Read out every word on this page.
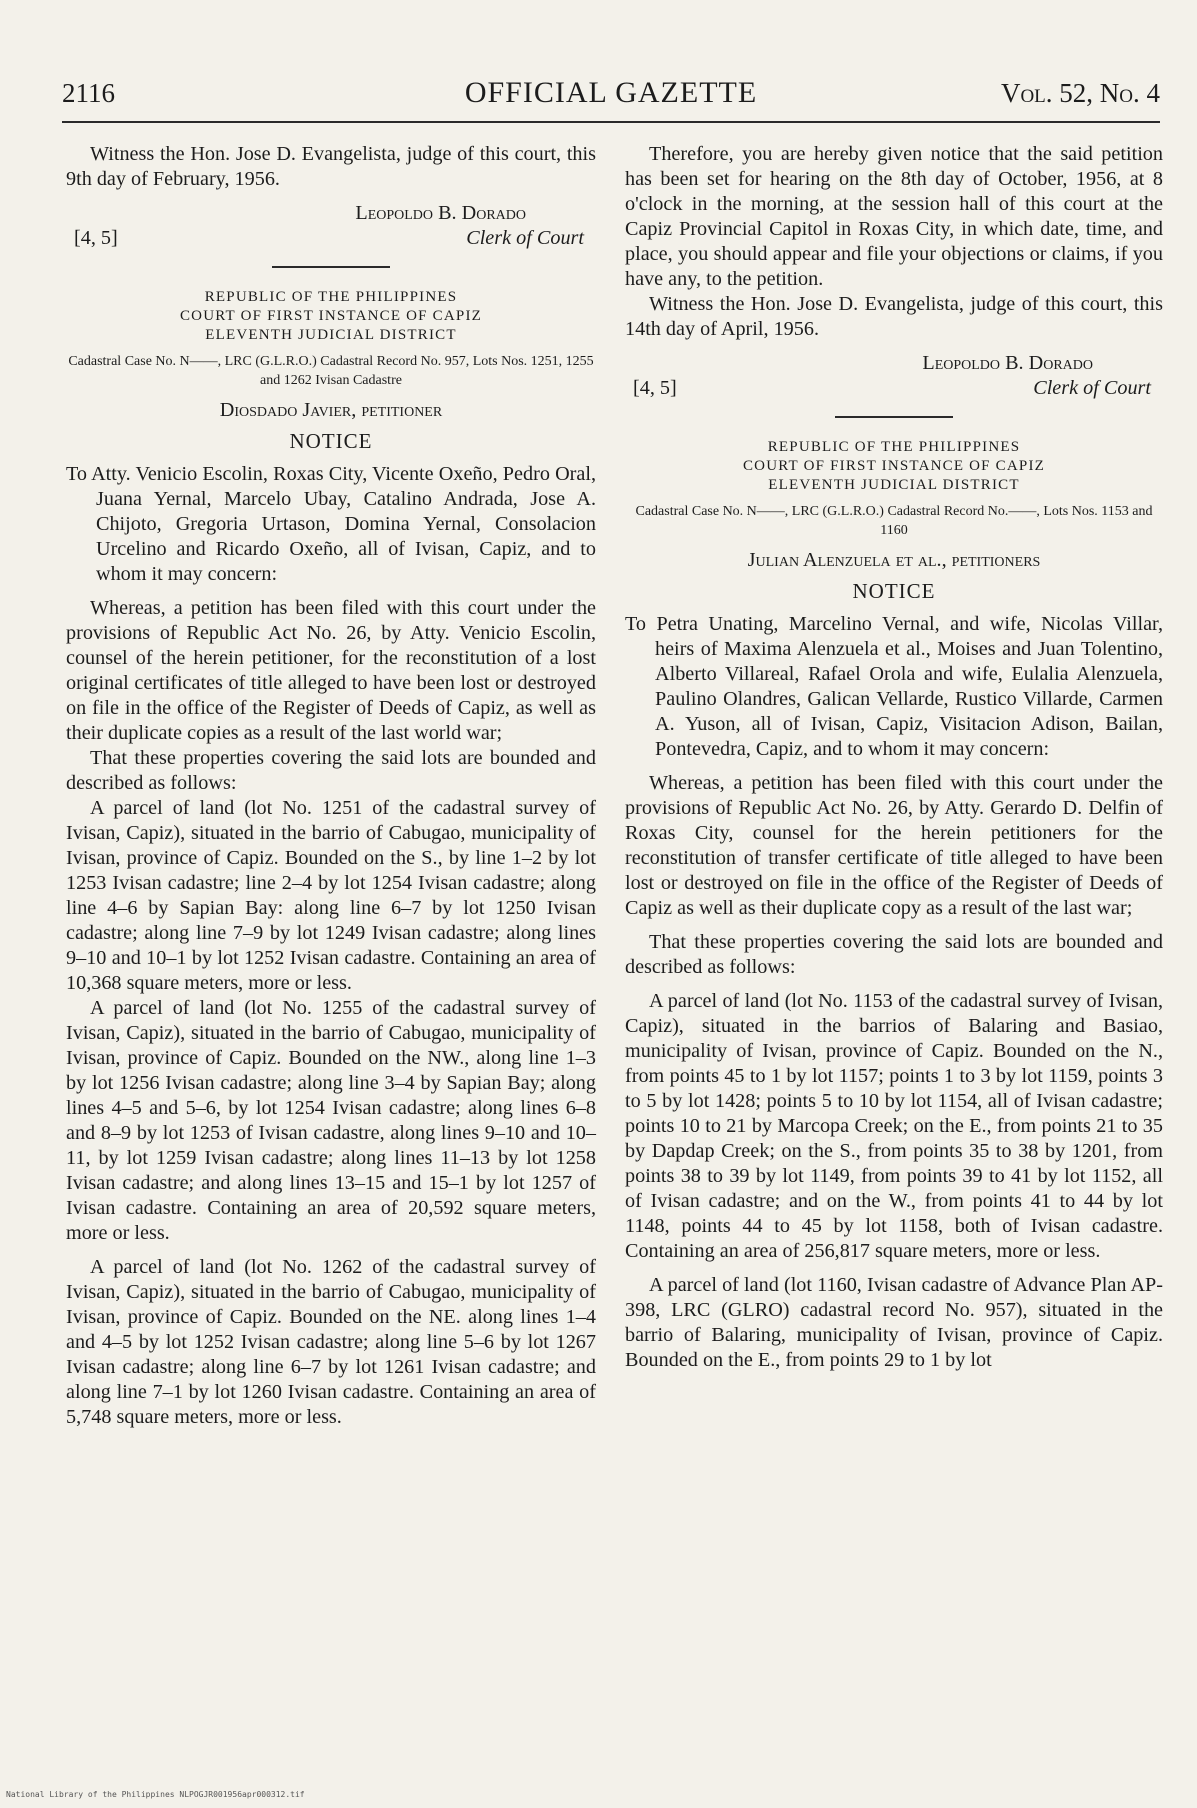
2116	OFFICIAL GAZETTE	Vol. 52, No. 4

Witness the Hon. Jose D. Evangelista, judge of this court, this 9th day of February, 1956.

Leopoldo B. Dorado
[4, 5]	Clerk of Court
REPUBLIC OF THE PHILIPPINES
COURT OF FIRST INSTANCE OF CAPIZ
ELEVENTH JUDICIAL DISTRICT
Cadastral Case No. N——, LRC (G.L.R.O.) Cadastral Record No. 957, Lots Nos. 1251, 1255 and 1262 Ivisan Cadastre
Diosdado Javier, petitioner
NOTICE

To Atty. Venicio Escolin, Roxas City, Vicente Oxeño, Pedro Oral, Juana Yernal, Marcelo Ubay, Catalino Andrada, Jose A. Chijoto, Gregoria Urtason, Domina Yernal, Consolacion Urcelino and Ricardo Oxeño, all of Ivisan, Capiz, and to whom it may concern:

Whereas, a petition has been filed with this court under the provisions of Republic Act No. 26, by Atty. Venicio Escolin, counsel of the herein petitioner, for the reconstitution of a lost original certificates of title alleged to have been lost or destroyed on file in the office of the Register of Deeds of Capiz, as well as their duplicate copies as a result of the last world war;

That these properties covering the said lots are bounded and described as follows:

A parcel of land (lot No. 1251 of the cadastral survey of Ivisan, Capiz), situated in the barrio of Cabugao, municipality of Ivisan, province of Capiz. Bounded on the S., by line 1–2 by lot 1253 Ivisan cadastre; line 2–4 by lot 1254 Ivisan cadastre; along line 4–6 by Sapian Bay: along line 6–7 by lot 1250 Ivisan cadastre; along line 7–9 by lot 1249 Ivisan cadastre; along lines 9–10 and 10–1 by lot 1252 Ivisan cadastre. Containing an area of 10,368 square meters, more or less.

A parcel of land (lot No. 1255 of the cadastral survey of Ivisan, Capiz), situated in the barrio of Cabugao, municipality of Ivisan, province of Capiz. Bounded on the NW., along line 1–3 by lot 1256 Ivisan cadastre; along line 3–4 by Sapian Bay; along lines 4–5 and 5–6, by lot 1254 Ivisan cadastre; along lines 6–8 and 8–9 by lot 1253 of Ivisan cadastre, along lines 9–10 and 10–11, by lot 1259 Ivisan cadastre; along lines 11–13 by lot 1258 Ivisan cadastre; and along lines 13–15 and 15–1 by lot 1257 of Ivisan cadastre. Containing an area of 20,592 square meters, more or less.

A parcel of land (lot No. 1262 of the cadastral survey of Ivisan, Capiz), situated in the barrio of Cabugao, municipality of Ivisan, province of Capiz. Bounded on the NE. along lines 1–4 and 4–5 by lot 1252 Ivisan cadastre; along line 5–6 by lot 1267 Ivisan cadastre; along line 6–7 by lot 1261 Ivisan cadastre; and along line 7–1 by lot 1260 Ivisan cadastre. Containing an area of 5,748 square meters, more or less.

Therefore, you are hereby given notice that the said petition has been set for hearing on the 8th day of October, 1956, at 8 o'clock in the morning, at the session hall of this court at the Capiz Provincial Capitol in Roxas City, in which date, time, and place, you should appear and file your objections or claims, if you have any, to the petition.

Witness the Hon. Jose D. Evangelista, judge of this court, this 14th day of April, 1956.

Leopoldo B. Dorado
[4, 5]	Clerk of Court
REPUBLIC OF THE PHILIPPINES
COURT OF FIRST INSTANCE OF CAPIZ
ELEVENTH JUDICIAL DISTRICT
Cadastral Case No. N——, LRC (G.L.R.O.) Cadastral Record No.——, Lots Nos. 1153 and 1160
Julian Alenzuela et al., petitioners
NOTICE

To Petra Unating, Marcelino Vernal, and wife, Nicolas Villar, heirs of Maxima Alenzuela et al., Moises and Juan Tolentino, Alberto Villareal, Rafael Orola and wife, Eulalia Alenzuela, Paulino Olandres, Galican Vellarde, Rustico Villarde, Carmen A. Yuson, all of Ivisan, Capiz, Visitacion Adison, Bailan, Pontevedra, Capiz, and to whom it may concern:

Whereas, a petition has been filed with this court under the provisions of Republic Act No. 26, by Atty. Gerardo D. Delfin of Roxas City, counsel for the herein petitioners for the reconstitution of transfer certificate of title alleged to have been lost or destroyed on file in the office of the Register of Deeds of Capiz as well as their duplicate copy as a result of the last war;

That these properties covering the said lots are bounded and described as follows:

A parcel of land (lot No. 1153 of the cadastral survey of Ivisan, Capiz), situated in the barrios of Balaring and Basiao, municipality of Ivisan, province of Capiz. Bounded on the N., from points 45 to 1 by lot 1157; points 1 to 3 by lot 1159, points 3 to 5 by lot 1428; points 5 to 10 by lot 1154, all of Ivisan cadastre; points 10 to 21 by Marcopa Creek; on the E., from points 21 to 35 by Dapdap Creek; on the S., from points 35 to 38 by 1201, from points 38 to 39 by lot 1149, from points 39 to 41 by lot 1152, all of Ivisan cadastre; and on the W., from points 41 to 44 by lot 1148, points 44 to 45 by lot 1158, both of Ivisan cadastre. Containing an area of 256,817 square meters, more or less.

A parcel of land (lot 1160, Ivisan cadastre of Advance Plan AP-398, LRC (GLRO) cadastral record No. 957), situated in the barrio of Balaring, municipality of Ivisan, province of Capiz. Bounded on the E., from points 29 to 1 by lot

National Library of the Philippines NLPOGJR001956apr000312.tif
